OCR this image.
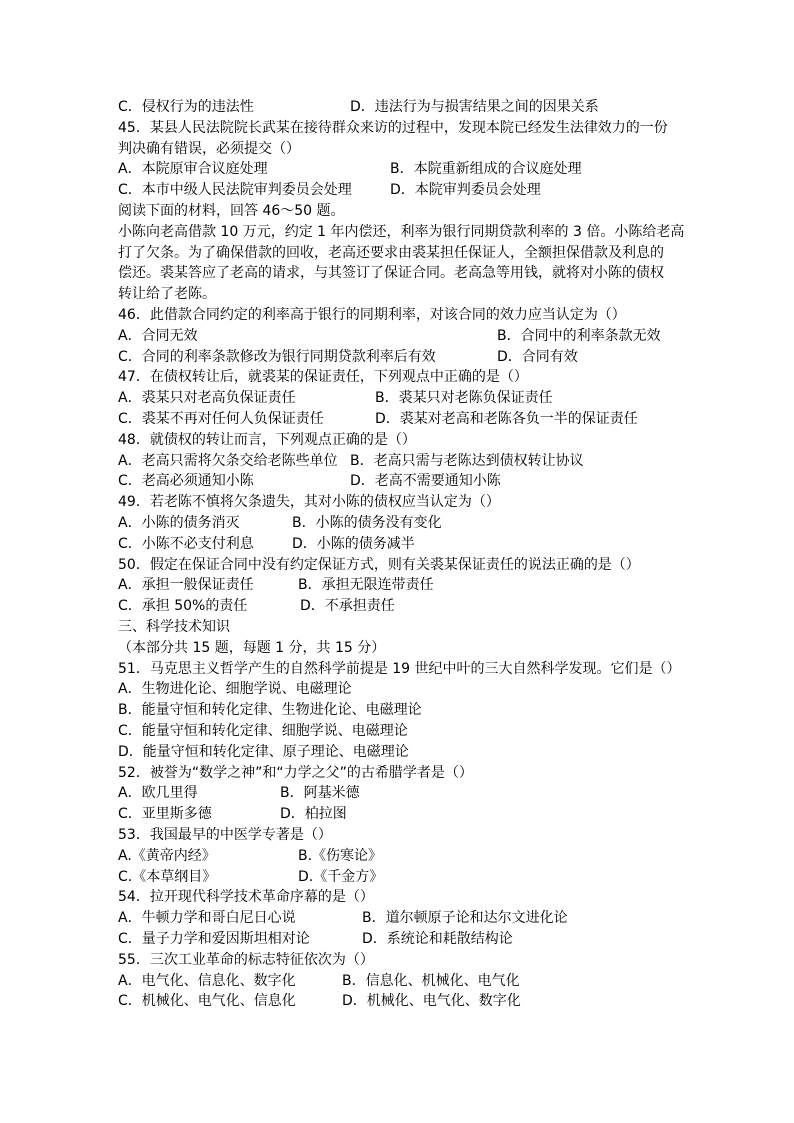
C．侵权行为的违法性	D．违法行为与损害结果之间的因果关系
45．某县人民法院院长武某在接待群众来访的过程中，发现本院已经发生法律效力的一份
判决确有错误，必须提交（）
A．本院原审合议庭处理	B．本院重新组成的合议庭处理
C．本市中级人民法院审判委员会处理	D．本院审判委员会处理
阅读下面的材料，回答 46～50 题。
小陈向老高借款 10 万元，约定 1 年内偿还，利率为银行同期贷款利率的 3 倍。小陈给老高
打了欠条。为了确保借款的回收，老高还要求由裘某担任保证人，全额担保借款及利息的
偿还。裘某答应了老高的请求，与其签订了保证合同。老高急等用钱，就将对小陈的债权
转让给了老陈。
46．此借款合同约定的利率高于银行的同期利率，对该合同的效力应当认定为（）
A．合同无效	B．合同中的利率条款无效
C．合同的利率条款修改为银行同期贷款利率后有效	D．合同有效
47．在债权转让后，就裘某的保证责任，下列观点中正确的是（）
A．裘某只对老高负保证责任	B．裘某只对老陈负保证责任
C．裘某不再对任何人负保证责任	D．裘某对老高和老陈各负一半的保证责任
48．就债权的转让而言，下列观点正确的是（）
A．老高只需将欠条交给老陈些单位 B．老高只需与老陈达到债权转让协议
C．老高必须通知小陈	D．老高不需要通知小陈
49．若老陈不慎将欠条遗失，其对小陈的债权应当认定为（）
A．小陈的债务消灭	B．小陈的债务没有变化
C．小陈不必支付利息	D．小陈的债务减半
50．假定在保证合同中没有约定保证方式，则有关裘某保证责任的说法正确的是（）
A．承担一般保证责任	B．承担无限连带责任
C．承担 50%的责任	D．不承担责任
三、科学技术知识
（本部分共 15 题，每题 1 分，共 15 分）
51．马克思主义哲学产生的自然科学前提是 19 世纪中叶的三大自然科学发现。它们是（）
A．生物进化论、细胞学说、电磁理论
B．能量守恒和转化定律、生物进化论、电磁理论
C．能量守恒和转化定律、细胞学说、电磁理论
D．能量守恒和转化定律、原子理论、电磁理论
52．被誉为“数学之神”和“力学之父”的古希腊学者是（）
A．欧几里得	B．阿基米德
C．亚里斯多德	D．柏拉图
53．我国最早的中医学专著是（）
A.《黄帝内经》	B.《伤寒论》
C.《本草纲目》	D.《千金方》
54．拉开现代科学技术革命序幕的是（）
A．牛顿力学和哥白尼日心说	B．道尔顿原子论和达尔文进化论
C．量子力学和爱因斯坦相对论	D．系统论和耗散结构论
55．三次工业革命的标志特征依次为（）
A．电气化、信息化、数字化	B．信息化、机械化、电气化
C．机械化、电气化、信息化	D．机械化、电气化、数字化
